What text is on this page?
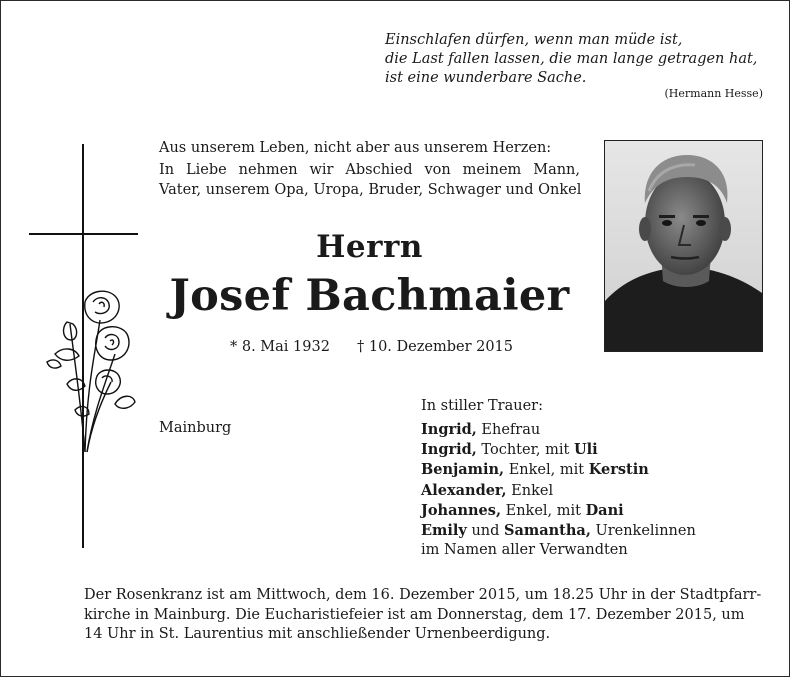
Einschlafen dürfen, wenn man müde ist,
die Last fallen lassen, die man lange getragen hat,
ist eine wunderbare Sache.
(Hermann Hesse)
Aus unserem Leben, nicht aber aus unserem Herzen:
In Liebe nehmen wir Abschied von meinem Mann,
Vater, unserem Opa, Uropa, Bruder, Schwager und Onkel
Herrn
Josef Bachmaier
* 8. Mai 1932 † 10. Dezember 2015
In stiller Trauer:
Mainburg	Ingrid, Ehefrau
Ingrid, Tochter, mit Uli
Benjamin, Enkel, mit Kerstin
Alexander, Enkel
Johannes, Enkel, mit Dani
Emily und Samantha, Urenkelinnen
im Namen aller Verwandten
Der Rosenkranz ist am Mittwoch, dem 16. Dezember 2015, um 18.25 Uhr in der Stadtpfarr-
kirche in Mainburg. Die Eucharistiefeier ist am Donnerstag, dem 17. Dezember 2015, um
14 Uhr in St. Laurentius mit anschließender Urnenbeerdigung.
